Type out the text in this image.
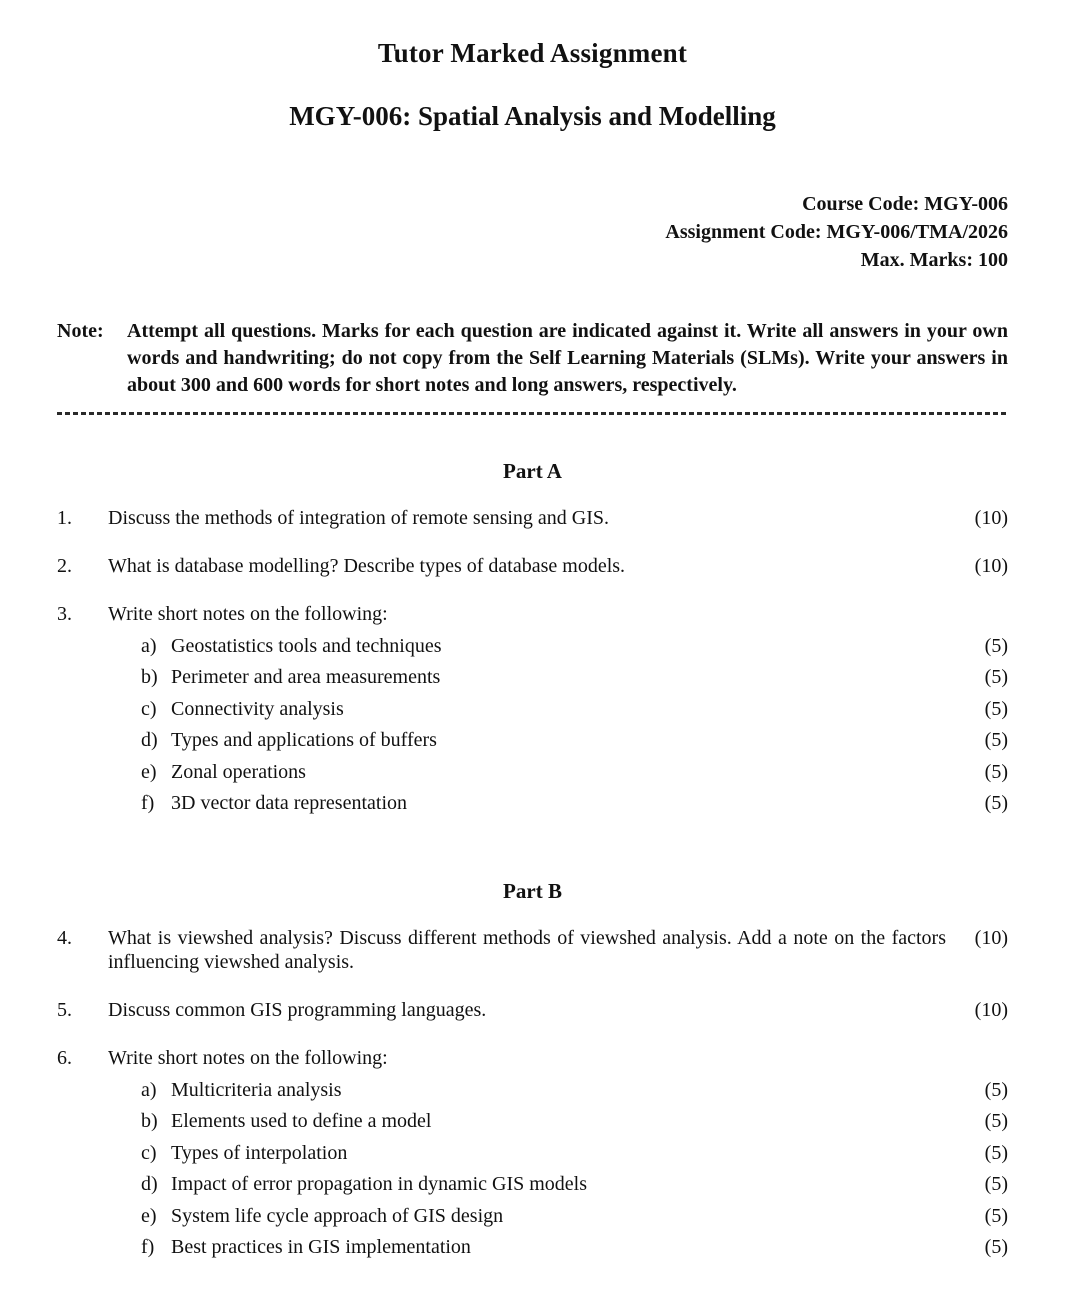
Tutor Marked Assignment
MGY-006: Spatial Analysis and Modelling
Course Code: MGY-006
Assignment Code: MGY-006/TMA/2026
Max. Marks: 100
Note:	Attempt all questions. Marks for each question are indicated against it. Write all answers in your own words and handwriting; do not copy from the Self Learning Materials (SLMs). Write your answers in about 300 and 600 words for short notes and long answers, respectively.
Part A
1.	Discuss the methods of integration of remote sensing and GIS.	(10)
2.	What is database modelling? Describe types of database models.	(10)
3.	Write short notes on the following:
a) Geostatistics tools and techniques	(5)
b) Perimeter and area measurements	(5)
c) Connectivity analysis	(5)
d) Types and applications of buffers	(5)
e) Zonal operations	(5)
f) 3D vector data representation	(5)
Part B
4.	What is viewshed analysis? Discuss different methods of viewshed analysis. Add a note on the factors influencing viewshed analysis.
(10)
5.	Discuss common GIS programming languages.	(10)
6.	Write short notes on the following:
a) Multicriteria analysis	(5)
b) Elements used to define a model	(5)
c) Types of interpolation	(5)
d) Impact of error propagation in dynamic GIS models	(5)
e) System life cycle approach of GIS design	(5)
f) Best practices in GIS implementation	(5)
